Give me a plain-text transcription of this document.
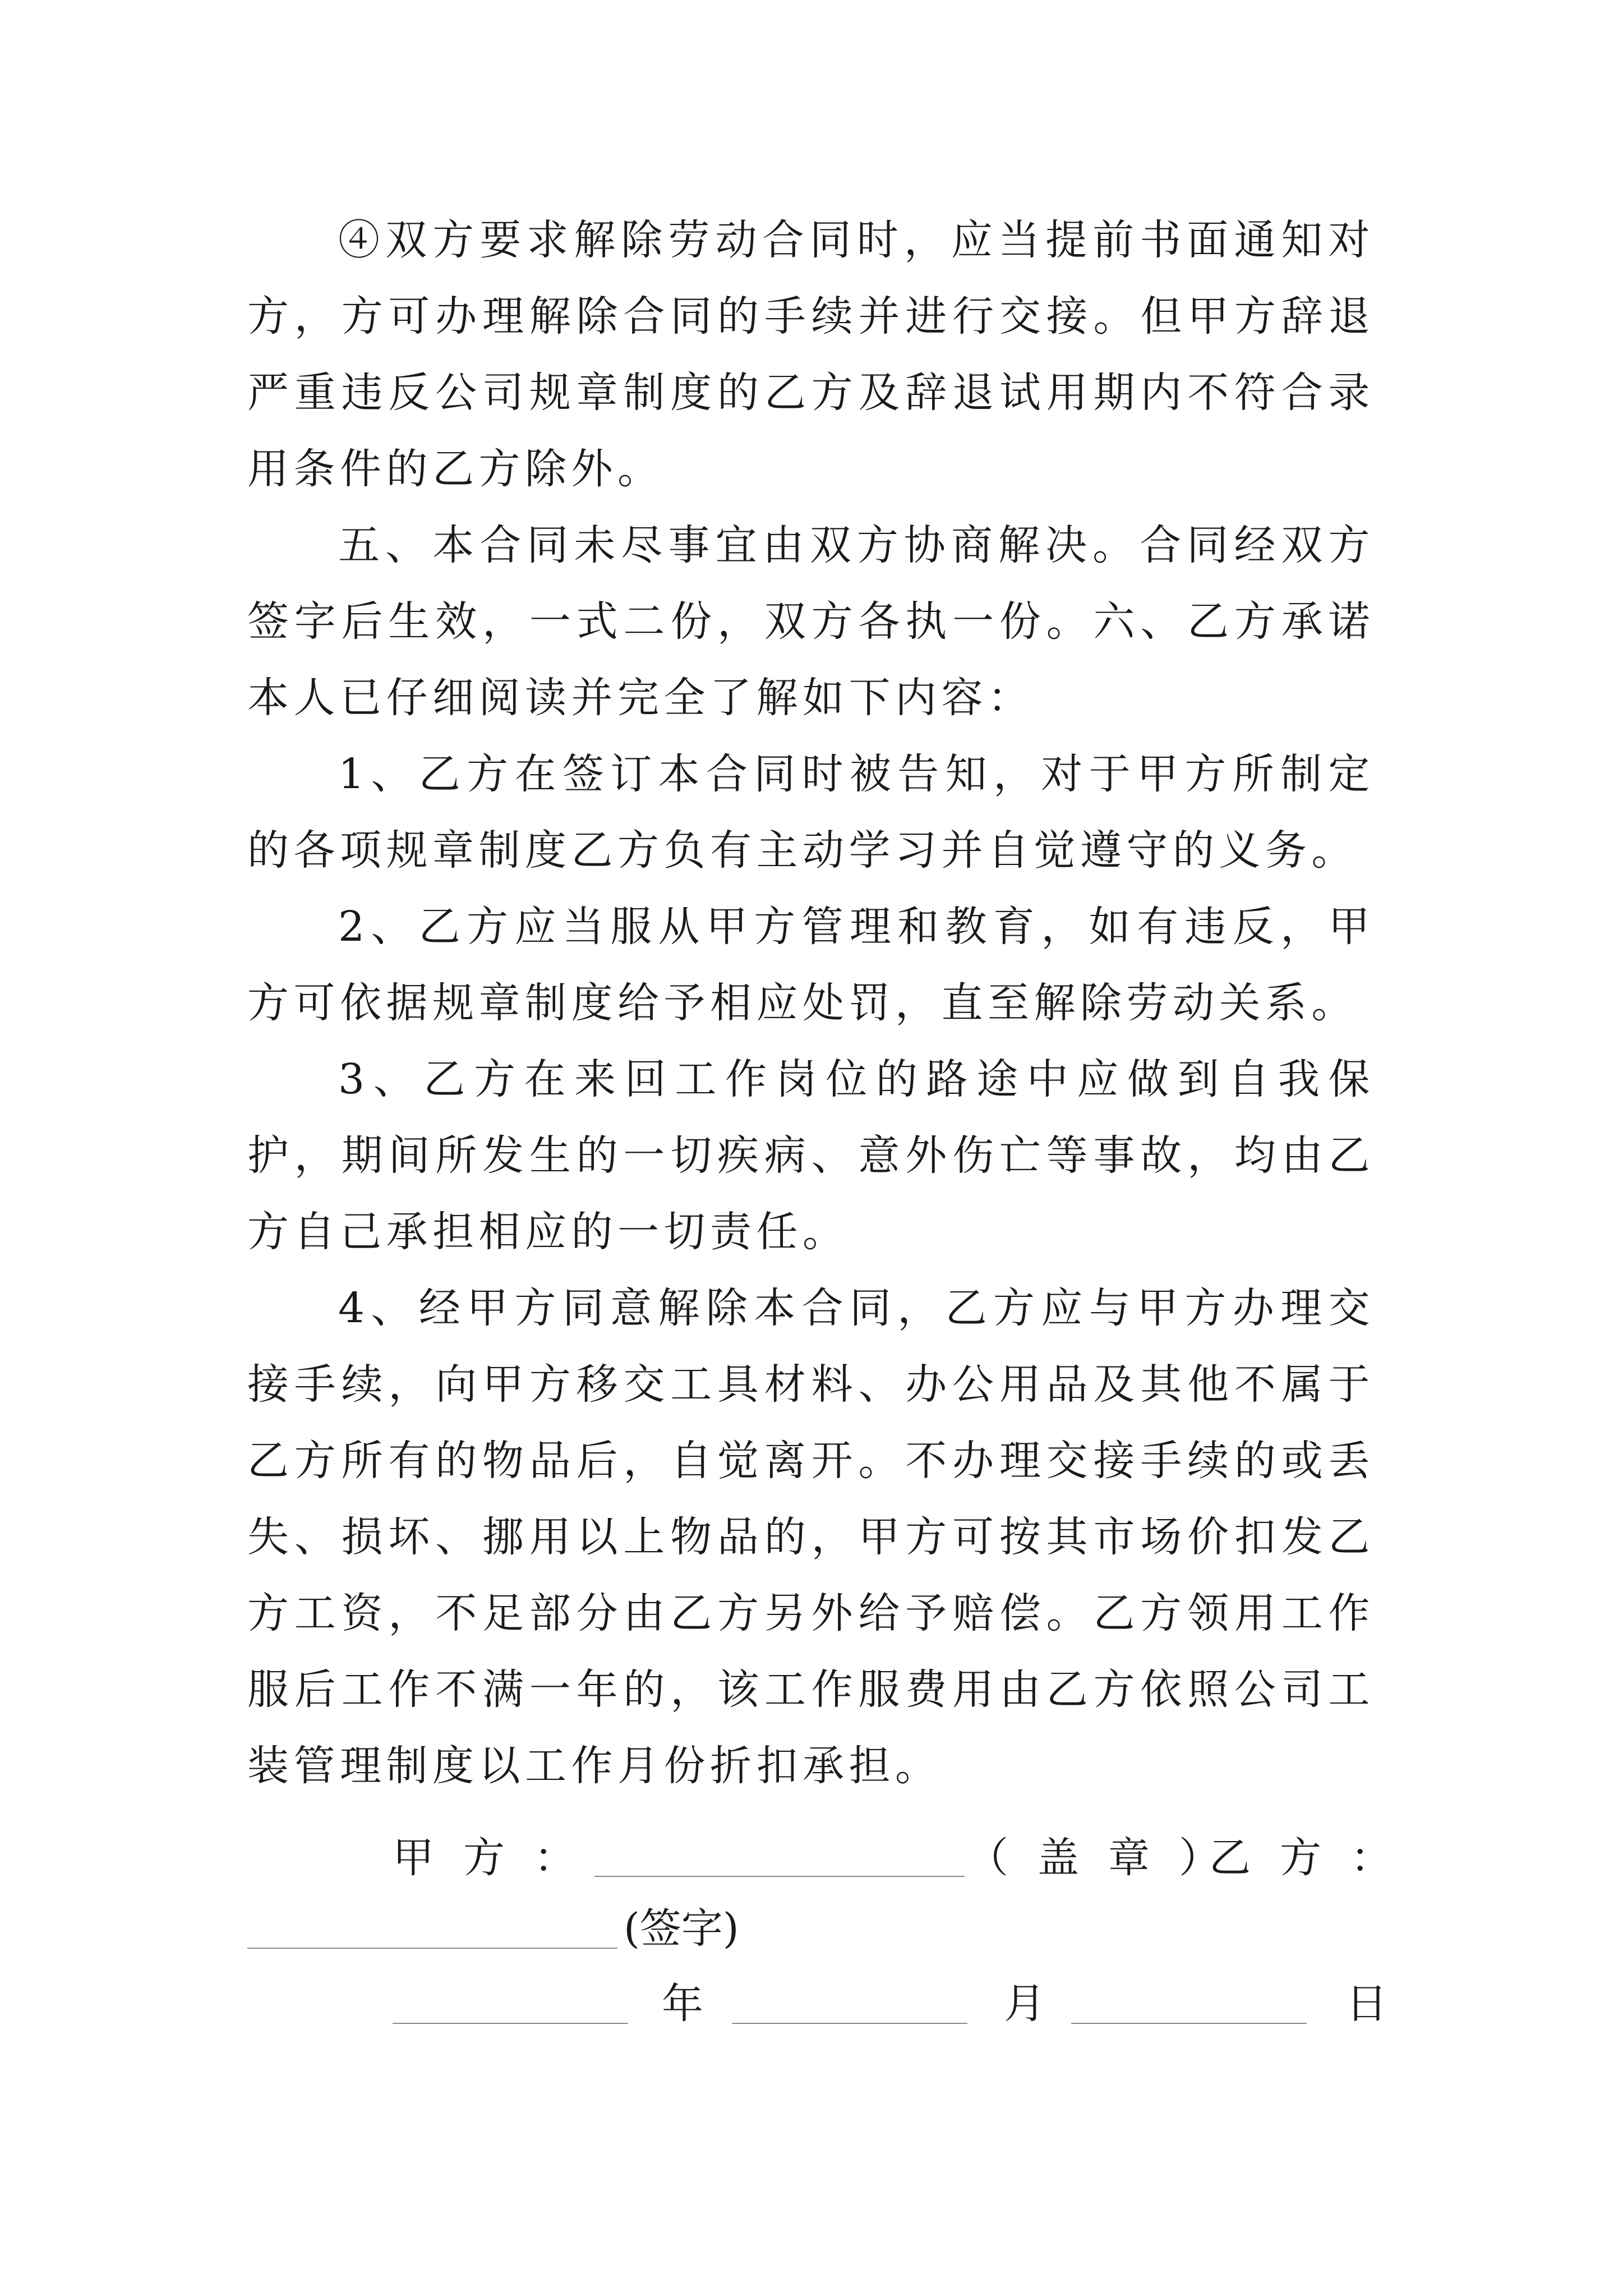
④双方要求解除劳动合同时，应当提前书面通知对方，方可办理解除合同的手续并进行交接。但甲方辞退严重违反公司规章制度的乙方及辞退试用期内不符合录用条件的乙方除外。

五、本合同未尽事宜由双方协商解决。合同经双方签字后生效，一式二份，双方各执一份。六、乙方承诺本人已仔细阅读并完全了解如下内容：

1、乙方在签订本合同时被告知，对于甲方所制定的各项规章制度乙方负有主动学习并自觉遵守的义务。

2、乙方应当服从甲方管理和教育，如有违反，甲方可依据规章制度给予相应处罚，直至解除劳动关系。

3、乙方在来回工作岗位的路途中应做到自我保护，期间所发生的一切疾病、意外伤亡等事故，均由乙方自己承担相应的一切责任。

4、经甲方同意解除本合同，乙方应与甲方办理交接手续，向甲方移交工具材料、办公用品及其他不属于乙方所有的物品后，自觉离开。不办理交接手续的或丢失、损坏、挪用以上物品的，甲方可按其市场价扣发乙方工资，不足部分由乙方另外给予赔偿。乙方领用工作服后工作不满一年的，该工作服费用由乙方依照公司工装管理制度以工作月份折扣承担。

甲方：	（盖章）
乙方：
(签字)
年	月	日
